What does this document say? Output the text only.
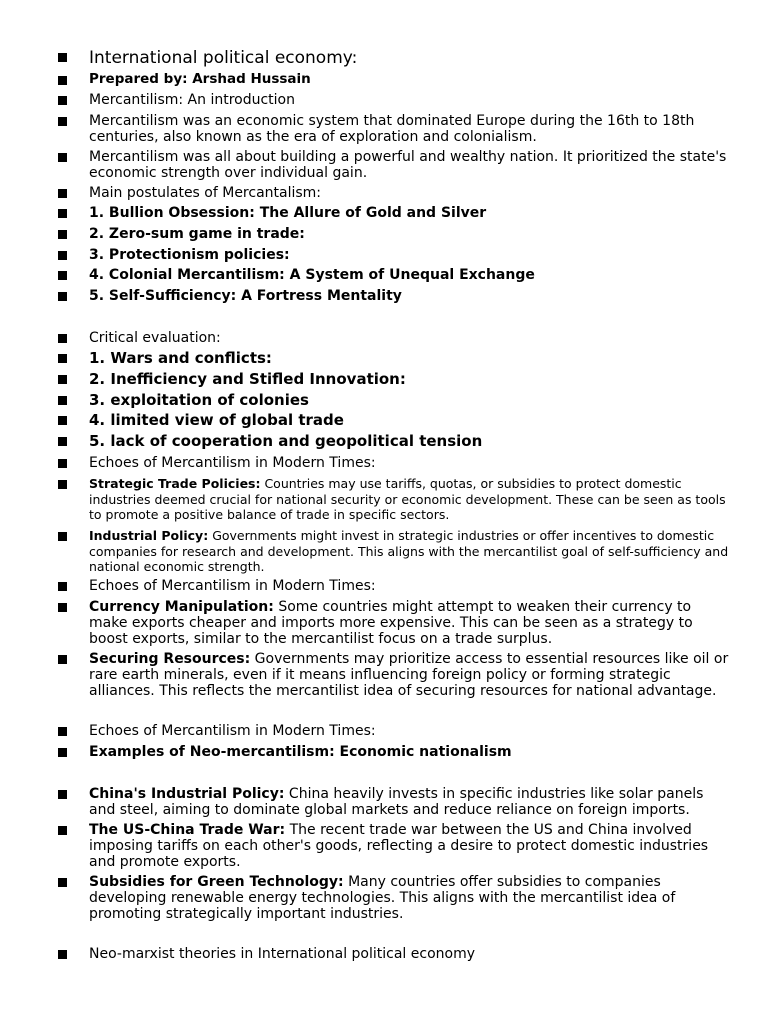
International political economy:
Prepared by: Arshad Hussain
Mercantilism: An introduction
Mercantilism was an economic system that dominated Europe during the 16th to 18th centuries, also known as the era of exploration and colonialism.
Mercantilism was all about building a powerful and wealthy nation. It prioritized the state's economic strength over individual gain.
Main postulates of Mercantalism:
1. Bullion Obsession: The Allure of Gold and Silver
2. Zero-sum game in trade:
3. Protectionism policies:
4. Colonial Mercantilism: A System of Unequal Exchange
5. Self-Sufficiency: A Fortress Mentality
Critical evaluation:
1. Wars and conflicts:
2. Inefficiency and Stifled Innovation:
3. exploitation of colonies
4. limited view of global trade
5. lack of cooperation and geopolitical tension
Echoes of Mercantilism in Modern Times:
Strategic Trade Policies: Countries may use tariffs, quotas, or subsidies to protect domestic industries deemed crucial for national security or economic development. These can be seen as tools to promote a positive balance of trade in specific sectors.
Industrial Policy: Governments might invest in strategic industries or offer incentives to domestic companies for research and development. This aligns with the mercantilist goal of self-sufficiency and national economic strength.
Echoes of Mercantilism in Modern Times:
Currency Manipulation: Some countries might attempt to weaken their currency to make exports cheaper and imports more expensive. This can be seen as a strategy to boost exports, similar to the mercantilist focus on a trade surplus.
Securing Resources: Governments may prioritize access to essential resources like oil or rare earth minerals, even if it means influencing foreign policy or forming strategic alliances. This reflects the mercantilist idea of securing resources for national advantage.
Echoes of Mercantilism in Modern Times:
Examples of Neo-mercantilism: Economic nationalism
China's Industrial Policy: China heavily invests in specific industries like solar panels and steel, aiming to dominate global markets and reduce reliance on foreign imports.
The US-China Trade War: The recent trade war between the US and China involved imposing tariffs on each other's goods, reflecting a desire to protect domestic industries and promote exports.
Subsidies for Green Technology: Many countries offer subsidies to companies developing renewable energy technologies. This aligns with the mercantilist idea of promoting strategically important industries.
Neo-marxist theories in International political economy
